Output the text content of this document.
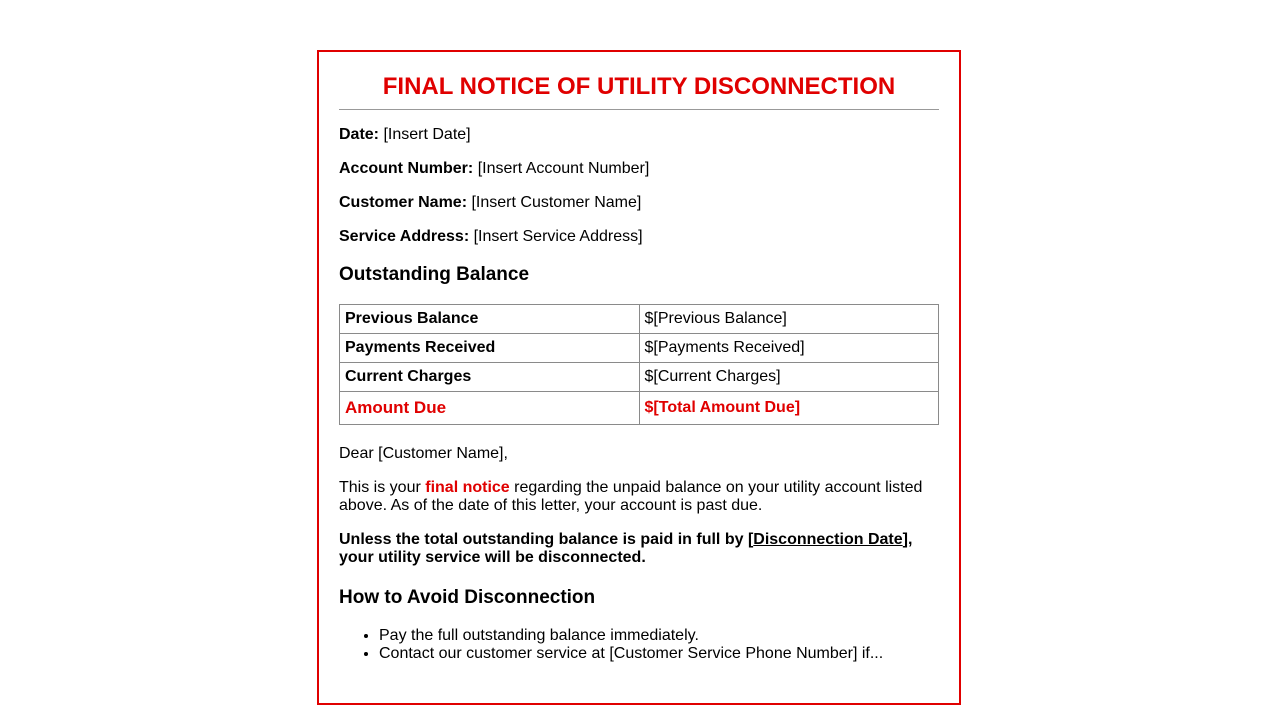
FINAL NOTICE OF UTILITY DISCONNECTION
Date: [Insert Date]
Account Number: [Insert Account Number]
Customer Name: [Insert Customer Name]
Service Address: [Insert Service Address]
Outstanding Balance
Previous Balance	$[Previous Balance]
Payments Received	$[Payments Received]
Current Charges	$[Current Charges]
Amount Due	$[Total Amount Due]

Dear [Customer Name],

This is your final notice regarding the unpaid balance on your utility account listed above. As of the date of this letter, your account is past due.

Unless the total outstanding balance is paid in full by [Disconnection Date], your utility service will be disconnected.

How to Avoid Disconnection
• Pay the full outstanding balance immediately.
• Contact our customer service at [Customer Service Phone Number] if...
